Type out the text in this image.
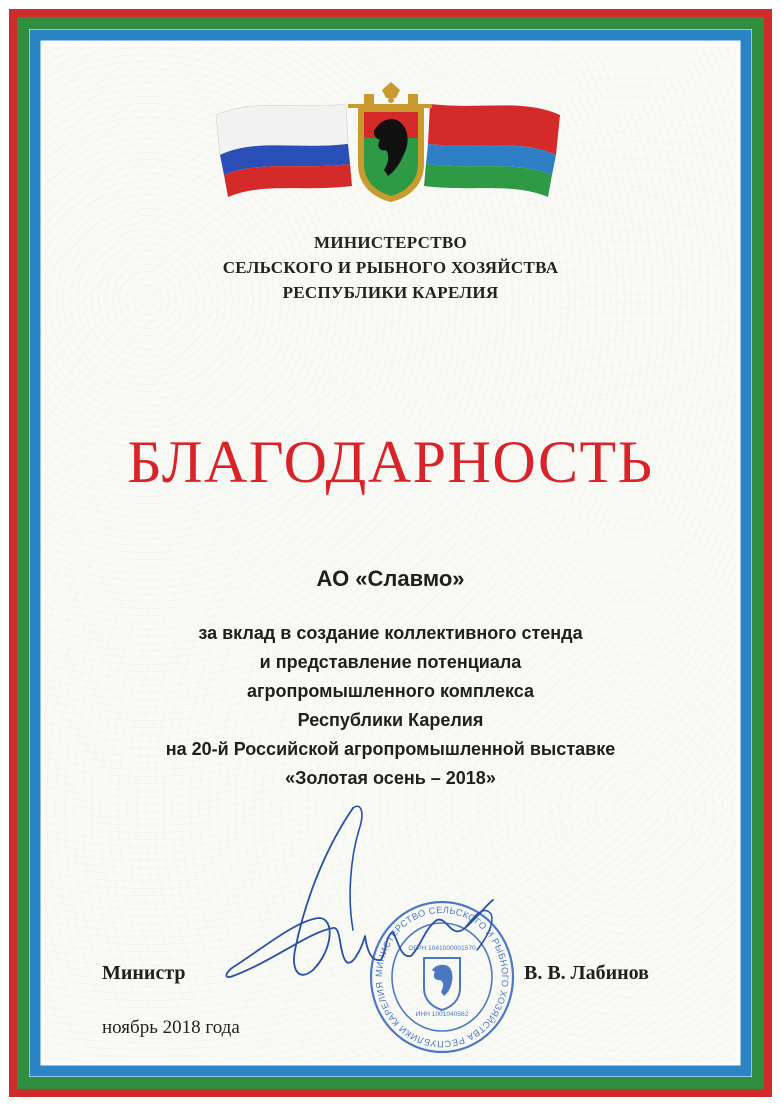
МИНИСТЕРСТВО
СЕЛЬСКОГО И РЫБНОГО ХОЗЯЙСТВА
РЕСПУБЛИКИ КАРЕЛИЯ
БЛАГОДАРНОСТЬ
АО «Славмо»
за вклад в создание коллективного стенда
и представление потенциала
агропромышленного комплекса
Республики Карелия
на 20-й Российской агропромышленной выставке
«Золотая осень – 2018»
МИНИСТЕРСТВО СЕЛЬСКОГО И РЫБНОГО ХОЗЯЙСТВА РЕСПУБЛИКИ КАРЕЛИЯ
ОГРН 1041000001570
ИНН 1001040562
Министр	В. В. Лабинов
ноябрь 2018 года
